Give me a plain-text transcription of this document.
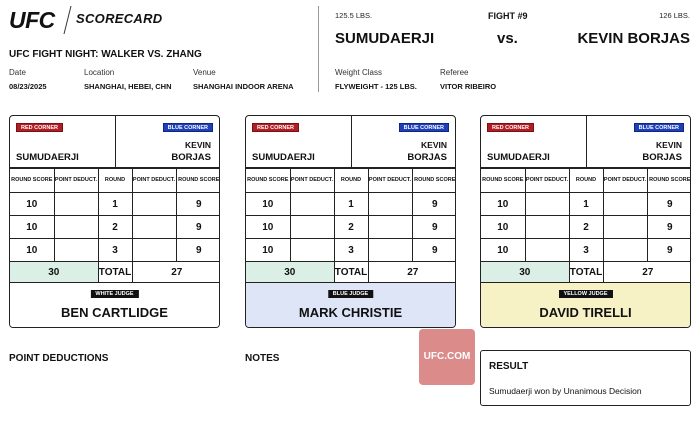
UFC SCORECARD
UFC FIGHT NIGHT: WALKER VS. ZHANG
Date
08/23/2025
Location
SHANGHAI, HEBEI, CHN
Venue
SHANGHAI INDOOR ARENA
125.5 LBS.	FIGHT #9	126 LBS.
SUMUDAERJI	vs.	KEVIN BORJAS
Weight Class
FLYWEIGHT - 125 LBS.
Referee
VITOR RIBEIRO
RED CORNER	BLUE CORNER
SUMUDAERJI
KEVIN
BORJAS
ROUND SCORE	POINT DEDUCT.	ROUND	POINT DEDUCT.	ROUND SCORE
10		1		9
10		2		9
10		3		9
30		TOTAL	27	
WHITE JUDGE
BEN CARTLIDGE
RED CORNER	BLUE CORNER
SUMUDAERJI
KEVIN
BORJAS
ROUND SCORE	POINT DEDUCT.	ROUND	POINT DEDUCT.	ROUND SCORE
10		1		9
10		2		9
10		3		9
30		TOTAL	27	
BLUE JUDGE
MARK CHRISTIE
RED CORNER	BLUE CORNER
SUMUDAERJI
KEVIN
BORJAS
ROUND SCORE	POINT DEDUCT.	ROUND	POINT DEDUCT.	ROUND SCORE
10		1		9
10		2		9
10		3		9
30		TOTAL	27	
YELLOW JUDGE
DAVID TIRELLI
POINT DEDUCTIONS	NOTES	UFC.COM
RESULT
Sumudaerji won by Unanimous Decision
